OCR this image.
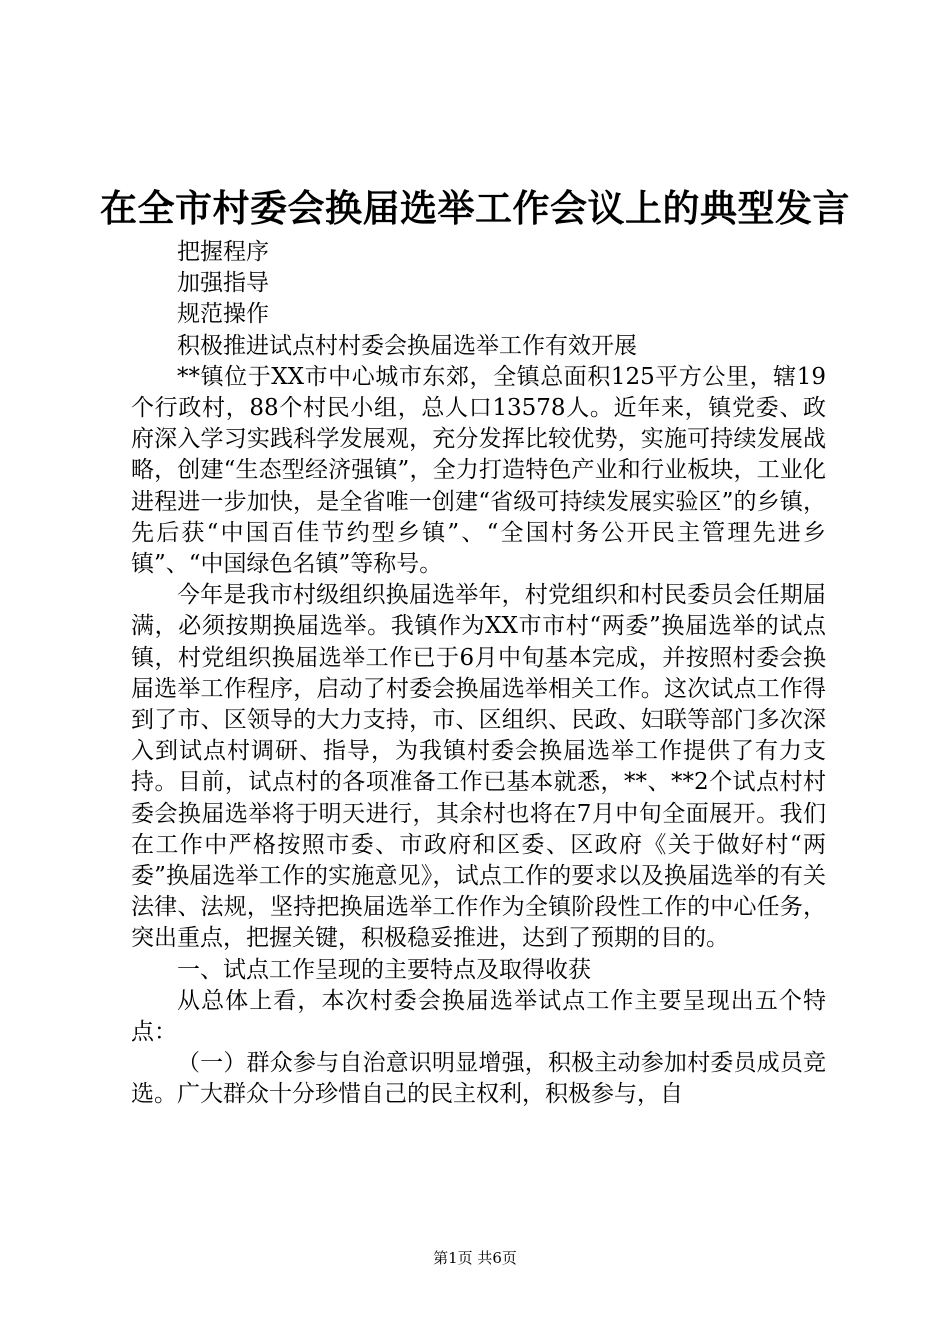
在全市村委会换届选举工作会议上的典型发言

把握程序

加强指导

规范操作

积极推进试点村村委会换届选举工作有效开展

**镇位于XX市中心城市东郊，全镇总面积125平方公里，辖19个行政村，88个村民小组，总人口13578人。近年来，镇党委、政府深入学习实践科学发展观，充分发挥比较优势，实施可持续发展战略，创建“生态型经济强镇”，全力打造特色产业和行业板块，工业化进程进一步加快，是全省唯一创建“省级可持续发展实验区”的乡镇，先后获“中国百佳节约型乡镇”、“全国村务公开民主管理先进乡镇”、“中国绿色名镇”等称号。

今年是我市村级组织换届选举年，村党组织和村民委员会任期届满，必须按期换届选举。我镇作为XX市市村“两委”换届选举的试点镇，村党组织换届选举工作已于6月中旬基本完成，并按照村委会换届选举工作程序，启动了村委会换届选举相关工作。这次试点工作得到了市、区领导的大力支持，市、区组织、民政、妇联等部门多次深入到试点村调研、指导，为我镇村委会换届选举工作提供了有力支持。目前，试点村的各项准备工作已基本就悉，**、**2个试点村村委会换届选举将于明天进行，其余村也将在7月中旬全面展开。我们在工作中严格按照市委、市政府和区委、区政府《关于做好村“两委”换届选举工作的实施意见》，试点工作的要求以及换届选举的有关法律、法规，坚持把换届选举工作作为全镇阶段性工作的中心任务，突出重点，把握关键，积极稳妥推进，达到了预期的目的。

一、试点工作呈现的主要特点及取得收获

从总体上看，本次村委会换届选举试点工作主要呈现出五个特点：

（一）群众参与自治意识明显增强，积极主动参加村委员成员竞选。广大群众十分珍惜自己的民主权利，积极参与，自

第1页 共6页
